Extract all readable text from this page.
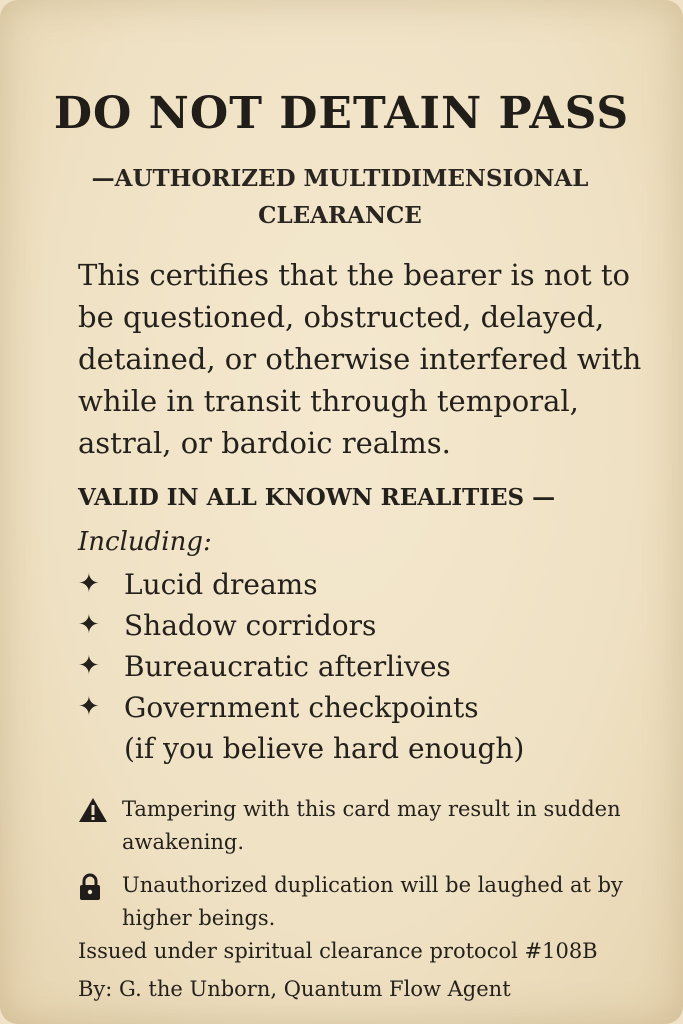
DO NOT DETAIN PASS
—AUTHORIZED MULTIDIMENSIONAL CLEARANCE
This certifies that the bearer is not to be questioned, obstructed, delayed, detained, or otherwise interfered with while in transit through temporal, astral, or bardoic realms.
VALID IN ALL KNOWN REALITIES —
Including:
✦ Lucid dreams
✦ Shadow corridors
✦ Bureaucratic afterlives
✦ Government checkpoints
(if you believe hard enough)
Tampering with this card may result in sudden awakening.
Unauthorized duplication will be laughed at by higher beings.
Issued under spiritual clearance protocol #108B
By: G. the Unborn, Quantum Flow Agent
